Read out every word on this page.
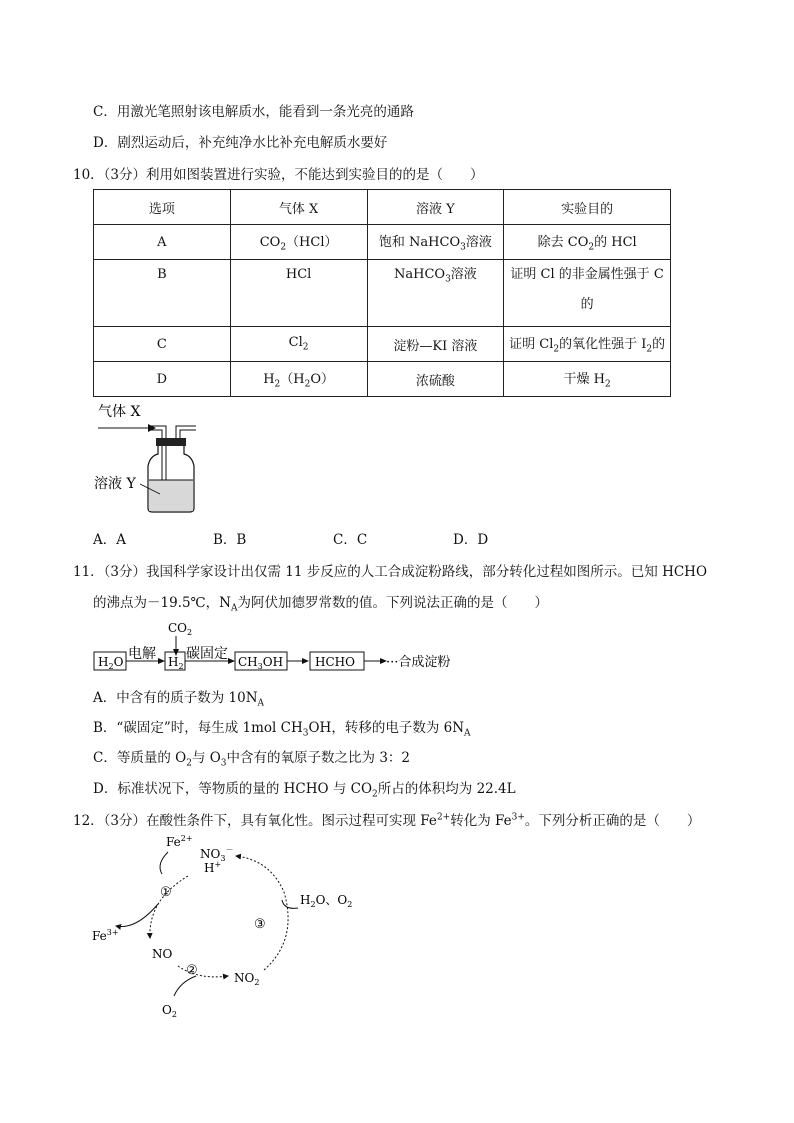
C．用激光笔照射该电解质水，能看到一条光亮的通路
D．剧烈运动后，补充纯净水比补充电解质水要好
10．（3分）利用如图装置进行实验，不能达到实验目的的是（　　）
选项	气体 X	溶液 Y	实验目的
A	$CO_2(HCl)$	饱和 NaHCO$_3$溶液	除去 $CO_2$的 HCl
B	HCl	NaHCO$_3$溶液	证明 Cl 的非金属性强于 C
的

C	$Cl_2$	淀粉—KI 溶液	证明 $Cl_2$的氧化性强于 $I_2$的
D	$H_2(H_2O)$	浓硫酸	干燥 $H_2$
气体 X
溶液 Y
A．A	B．B	C．C	D．D
11．（3分）我国科学家设计出仅需 11 步反应的人工合成淀粉路线，部分转化过程如图所示。已知 HCHO
的沸点为－19.5℃，$N_A$为阿伏加德罗常数的值。下列说法正确的是（　　）
$CO_2$
$H_2O$ 电解 $H_2$
碳固定 $CH_3OH$	HCHO ···合成淀粉
A．中含有的质子数为 $10N_A$
B．“碳固定”时，每生成 1mol $CH_3OH$，转移的电子数为 $6N_A$
C．等质量的 $O_2$与 $O_3$中含有的氧原子数之比为 3：2
D．标准状况下，等物质的量的 HCHO 与 $CO_2$所占的体积均为 22.4L
12．（3分）在酸性条件下，具有氧化性。图示过程可实现 $Fe^{2+}$转化为 $Fe^{3+}$。下列分析正确的是（　　）
$Fe^{2+}$
$NO_3^-$
H+
①
③
②
$Fe^{3+}$
NO
$NO_2$
$O_2$
$H_2O$、$O_2$
